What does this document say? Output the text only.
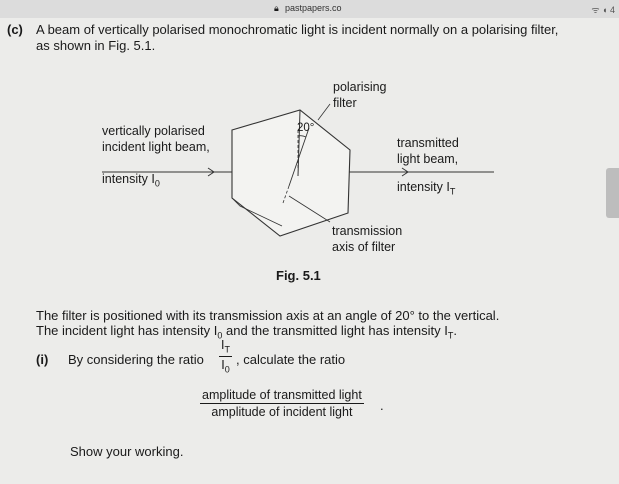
🔒︎ pastpapers.co	ᯤ ◖ 4
(c) A beam of vertically polarised monochromatic light is incident normally on a polarising filter,
as shown in Fig. 5.1.
polarising
filter
vertically polarised
incident light beam,
intensity $I_0$
20°
transmitted
light beam,
intensity $I_T$
transmission
axis of filter
Fig. 5.1
The filter is positioned with its transmission axis at an angle of 20° to the vertical.
The incident light has intensity $I_0$ and the transmitted light has intensity $I_T$.
(i) By considering the ratio
$I_T$
$I_0$
, calculate the ratio
amplitude of transmitted light
amplitude of incident light	.
Show your working.
